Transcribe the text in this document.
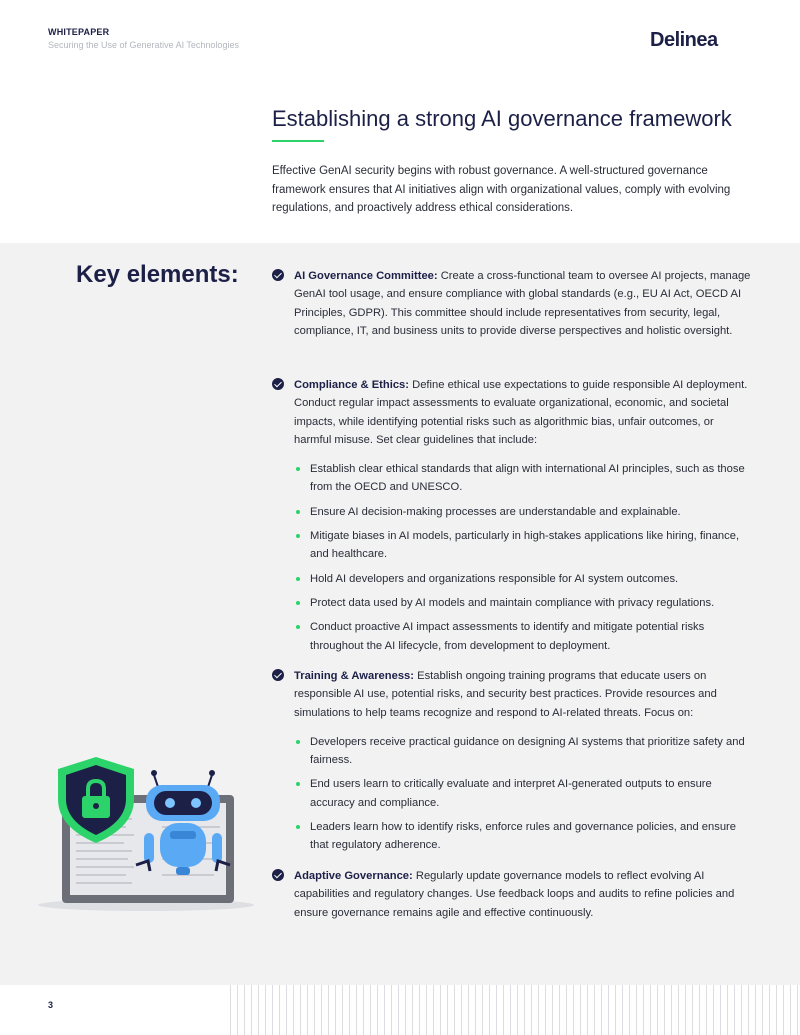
WHITEPAPER
Securing the Use of Generative AI Technologies	Delinea
Establishing a strong AI governance framework

Effective GenAI security begins with robust governance. A well-structured governance framework ensures that AI initiatives align with organizational values, comply with evolving regulations, and proactively address ethical considerations.

Key elements:	AI Governance Committee: Create a cross-functional team to oversee AI projects, manage GenAI tool usage, and ensure compliance with global standards (e.g., EU AI Act, OECD AI Principles, GDPR). This committee should include representatives from security, legal, compliance, IT, and business units to provide diverse perspectives and holistic oversight.

Compliance & Ethics: Define ethical use expectations to guide responsible AI deployment. Conduct regular impact assessments to evaluate organizational, economic, and societal impacts, while identifying potential risks such as algorithmic bias, unfair outcomes, or harmful misuse. Set clear guidelines that include:

Establish clear ethical standards that align with international AI principles, such as those from the OECD and UNESCO.
Ensure AI decision-making processes are understandable and explainable.
Mitigate biases in AI models, particularly in high-stakes applications like hiring, finance, and healthcare.
Hold AI developers and organizations responsible for AI system outcomes.
Protect data used by AI models and maintain compliance with privacy regulations.
Conduct proactive AI impact assessments to identify and mitigate potential risks throughout the AI lifecycle, from development to deployment.

Training & Awareness: Establish ongoing training programs that educate users on responsible AI use, potential risks, and security best practices. Provide resources and simulations to help teams recognize and respond to AI-related threats. Focus on:

Developers receive practical guidance on designing AI systems that prioritize safety and fairness.
End users learn to critically evaluate and interpret AI-generated outputs to ensure accuracy and compliance.
Leaders learn how to identify risks, enforce rules and governance policies, and ensure that regulatory adherence.

Adaptive Governance: Regularly update governance models to reflect evolving AI capabilities and regulatory changes. Use feedback loops and audits to refine policies and ensure governance remains agile and effective continuously.

3
